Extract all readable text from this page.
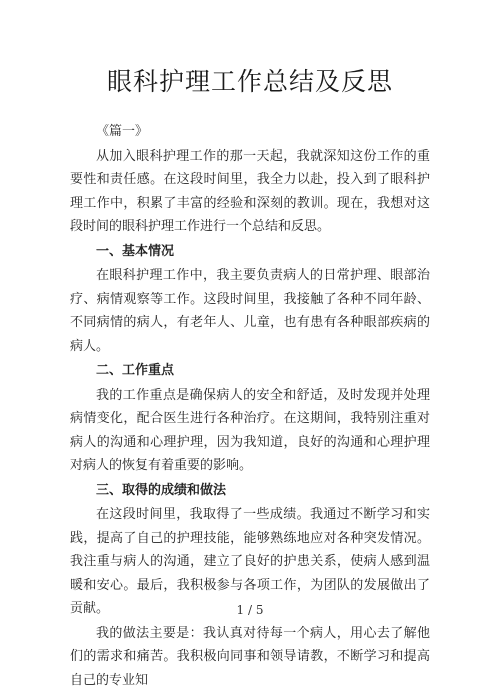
眼科护理工作总结及反思
《篇一》
从加入眼科护理工作的那一天起，我就深知这份工作的重要性和责任感。在这段时间里，我全力以赴，投入到了眼科护理工作中，积累了丰富的经验和深刻的教训。现在，我想对这段时间的眼科护理工作进行一个总结和反思。
一、基本情况
在眼科护理工作中，我主要负责病人的日常护理、眼部治疗、病情观察等工作。这段时间里，我接触了各种不同年龄、不同病情的病人，有老年人、儿童，也有患有各种眼部疾病的病人。
二、工作重点
我的工作重点是确保病人的安全和舒适，及时发现并处理病情变化，配合医生进行各种治疗。在这期间，我特别注重对病人的沟通和心理护理，因为我知道，良好的沟通和心理护理对病人的恢复有着重要的影响。
三、取得的成绩和做法
在这段时间里，我取得了一些成绩。我通过不断学习和实践，提高了自己的护理技能，能够熟练地应对各种突发情况。我注重与病人的沟通，建立了良好的护患关系，使病人感到温暖和安心。最后，我积极参与各项工作，为团队的发展做出了贡献。
我的做法主要是：我认真对待每一个病人，用心去了解他们的需求和痛苦。我积极向同事和领导请教，不断学习和提高自己的专业知
1 / 5
